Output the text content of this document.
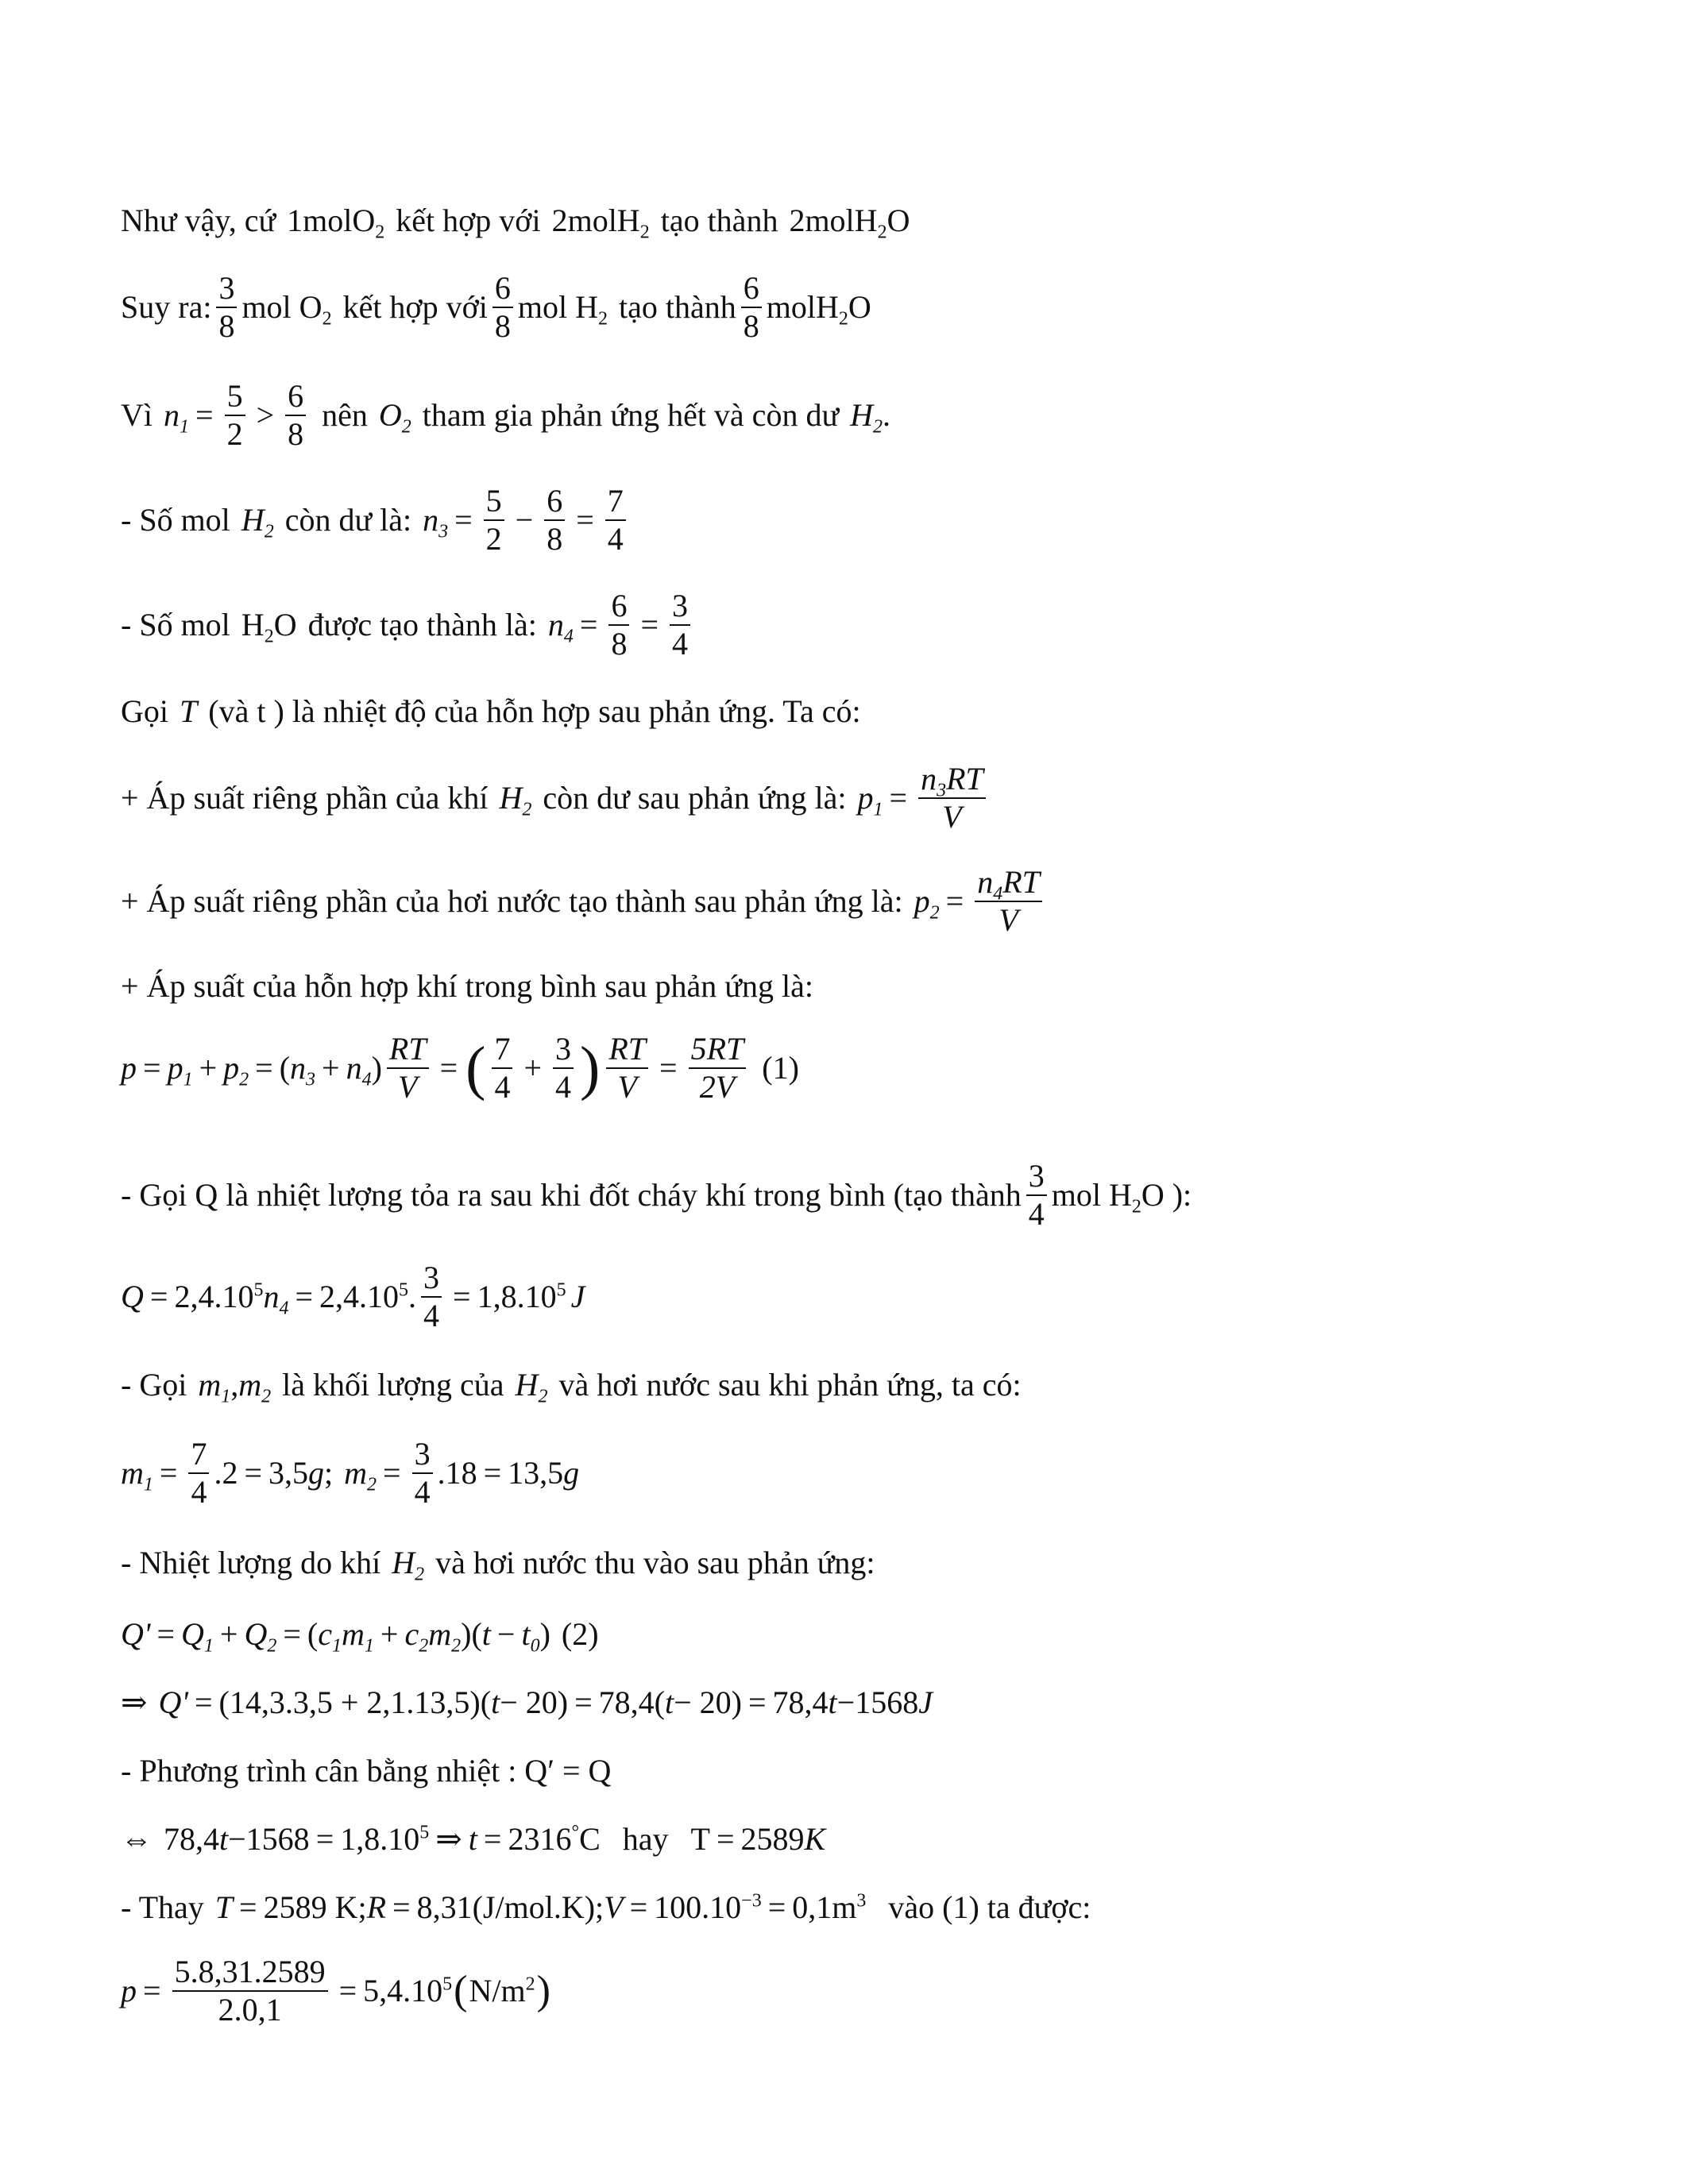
Như vậy, cứ 1molO$_2$ kết hợp với 2molH$_2$ tạo thành 2molH$_2$O
Suy ra: $\frac{3}{8}$ mol $O_2$ kết hợp với $\frac{6}{8}$ mol $H_2$ tạo thành $\frac{6}{8}$ molH$_2$O
Vì $n_1 = \frac{5}{2} > \frac{6}{8}$ nên $O_2$ tham gia phản ứng hết và còn dư $H_2$ .
- Số mol $H_2$ còn dư là: $n_3 = \frac{5}{2} - \frac{6}{8} = \frac{7}{4}$
- Số mol $H_2O$ được tạo thành là: $n_4 = \frac{6}{8} = \frac{3}{4}$
Gọi T (và t ) là nhiệt độ của hỗn hợp sau phản ứng. Ta có:
+ Áp suất riêng phần của khí $H_2$ còn dư sau phản ứng là: $p_1 = \frac{n_3RT}{V}$
+ Áp suất riêng phần của hơi nước tạo thành sau phản ứng là: $p_2 = \frac{n_4RT}{V}$
+ Áp suất của hỗn hợp khí trong bình sau phản ứng là:
$p = p_1 + p_2$ = ( $n_3 + n_4$ ) $\frac{RT}{V}$ = ( $\frac{7}{4} + \frac{3}{4}$ ) $\frac{RT}{V} = \frac{5RT}{2V} (1)$
- Gọi Q là nhiệt lượng tỏa ra sau khi đốt cháy khí trong bình (tạo thành $\frac{3}{4}$ mol $H_2O$ ):
$Q = 2,4.10^5$ $n_4 = 2,4.10^5$ . $\frac{3}{4} = 1,8.10^5$ J
- Gọi $m_1$ , $m_2$ là khối lượng của $H_2$ và hơi nước sau khi phản ứng, ta có:
$m_1 = \frac{7}{4} .2 = 3,5$ g ; $m_2 = \frac{3}{4} .18 = 13,5$ g
- Nhiệt lượng do khí $H_2$ và hơi nước thu vào sau phản ứng:
$Q' = Q_1 + Q_2$ = ( $c_1$ $m_1 + c_2$ $m_2$ ) ( $t - t_0$ ) (2)
⇒ Q' = (14,3.3,5 + 2,1.13,5)( t − 20) = 78,4( t − 20) = 78,4 t −1568 J
- Phương trình cân bằng nhiệt : Q′ = Q
⇔ 78,4 $t -1568 = 1,8.10^5$ ⇒ t = 2316°C hay T = 2589 K
- Thay T = 2589 K; R = 8,31(J/mol.K); $V = 100.10^{-3} = 0,1m^3$ vào (1) ta được:
$p = \frac{5.8,31.2589}{2.0,1} = 5,4.10^5$ ( $N/m^2$ )
